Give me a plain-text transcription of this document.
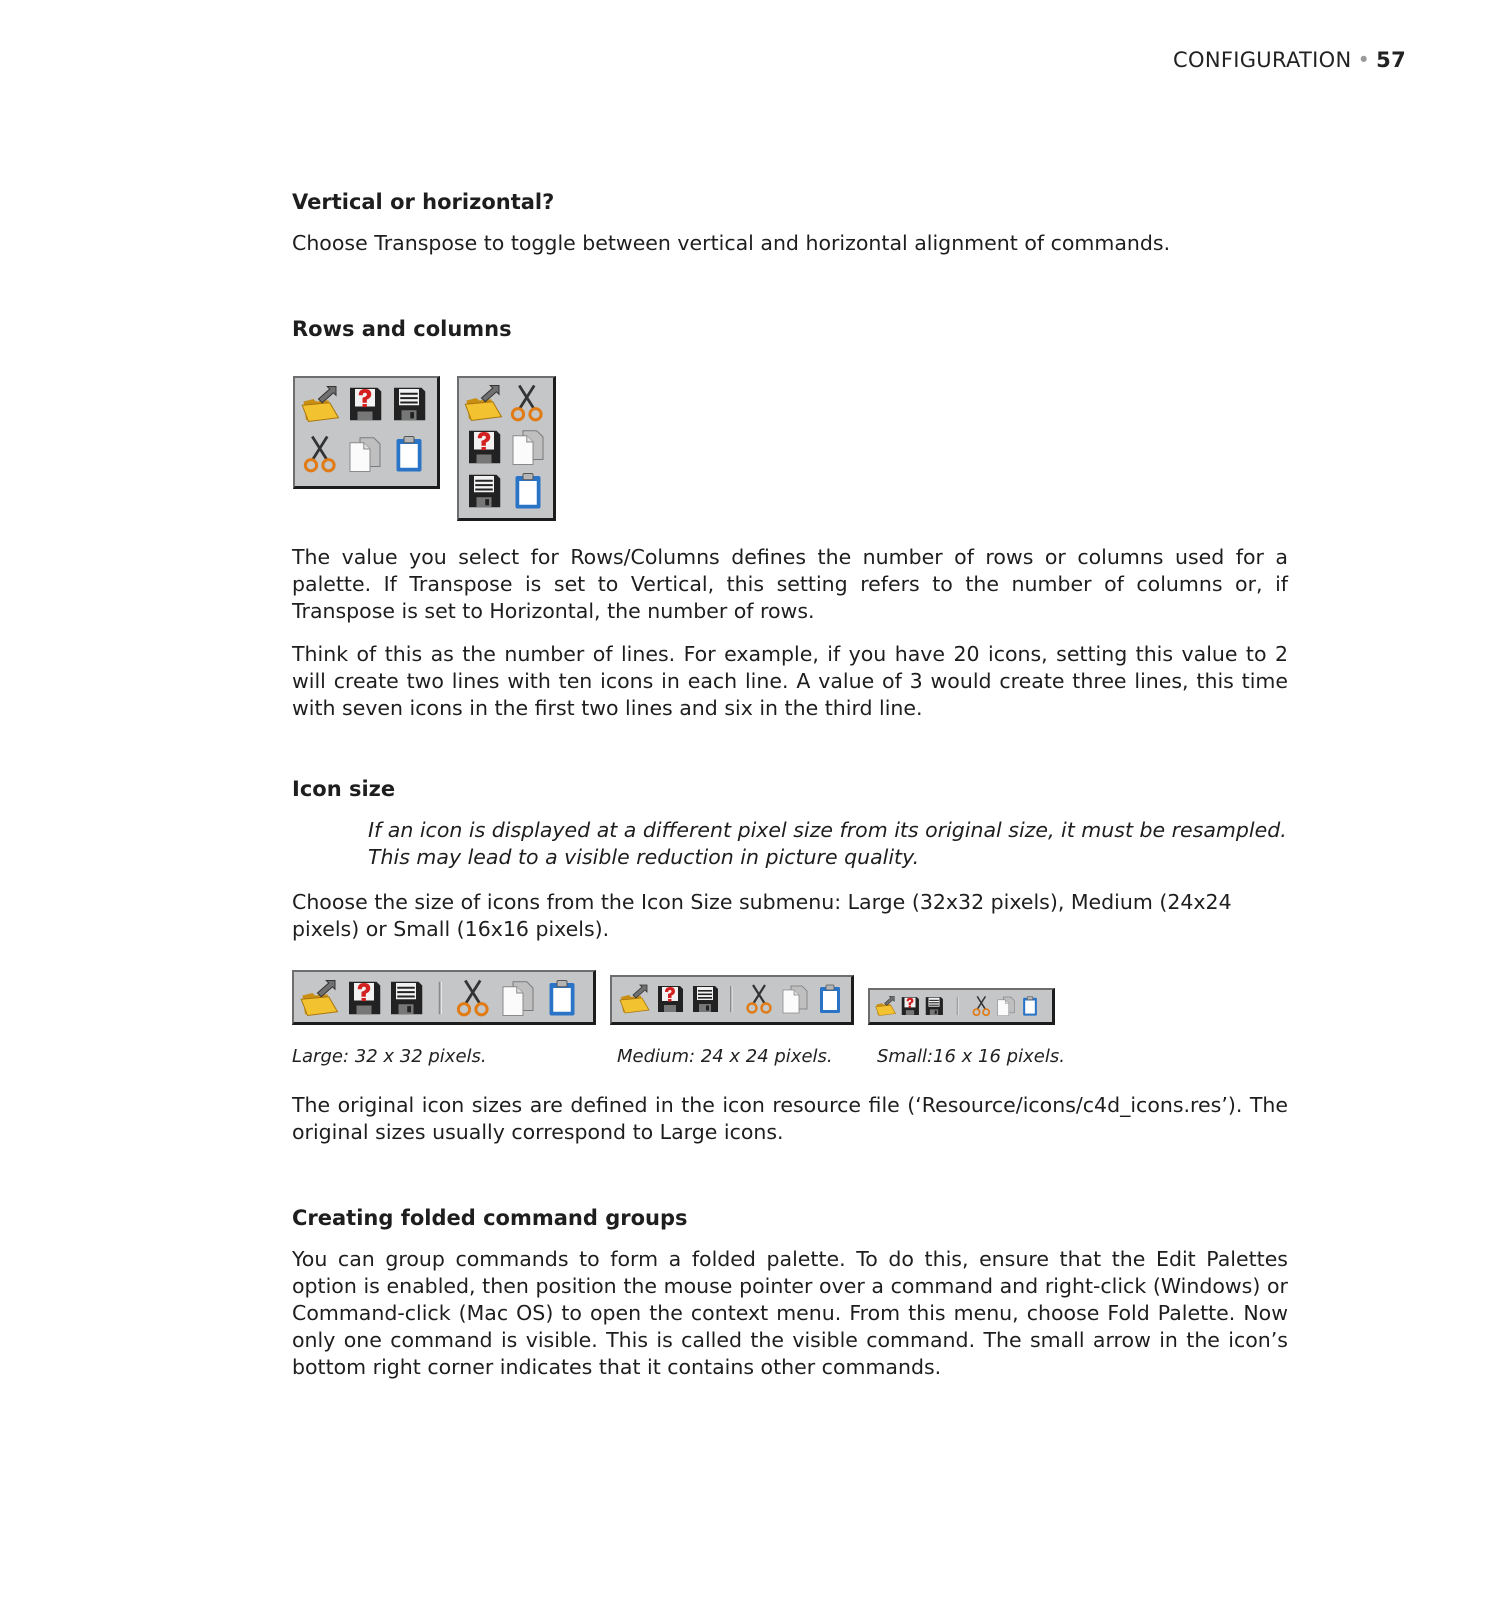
CONFIGURATION • 57
Vertical or horizontal?

Choose Transpose to toggle between vertical and horizontal alignment of commands.

Rows and columns

The value you select for Rows/Columns defines the number of rows or columns used for a palette. If Transpose is set to Vertical, this setting refers to the number of columns or, if Transpose is set to Horizontal, the number of rows.

Think of this as the number of lines. For example, if you have 20 icons, setting this value to 2 will create two lines with ten icons in each line. A value of 3 would create three lines, this time with seven icons in the first two lines and six in the third line.

Icon size

If an icon is displayed at a different pixel size from its original size, it must be resampled. This may lead to a visible reduction in picture quality.

Choose the size of icons from the Icon Size submenu: Large (32x32 pixels), Medium (24x24 pixels) or Small (16x16 pixels).

Large: 32 x 32 pixels.	Medium: 24 x 24 pixels. Small:16 x 16 pixels.

The original icon sizes are defined in the icon resource file (‘Resource/icons/c4d_icons.res’). The original sizes usually correspond to Large icons.

Creating folded command groups

You can group commands to form a folded palette. To do this, ensure that the Edit Palettes option is enabled, then position the mouse pointer over a command and right-click (Windows) or Command-click (Mac OS) to open the context menu. From this menu, choose Fold Palette. Now only one command is visible. This is called the visible command. The small arrow in the icon’s bottom right corner indicates that it contains other commands.
